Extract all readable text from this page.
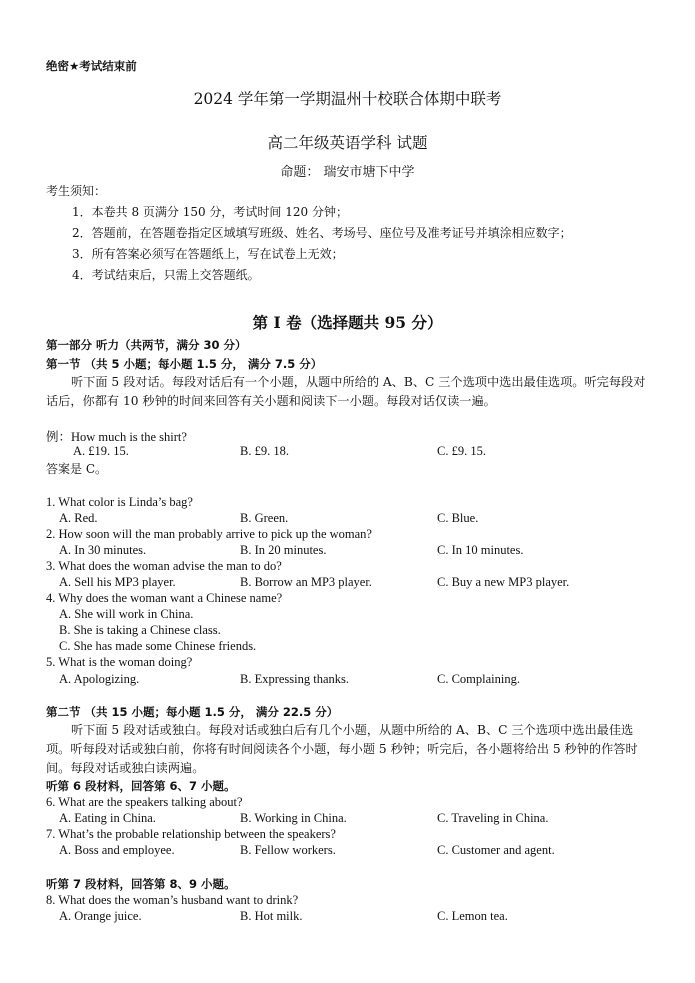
绝密★考试结束前
2024 学年第一学期温州十校联合体期中联考
高二年级英语学科 试题
命题： 瑞安市塘下中学
考生须知：
1．本卷共 8 页满分 150 分，考试时间 120 分钟；
2．答题前，在答题卷指定区域填写班级、姓名、考场号、座位号及准考证号并填涂相应数字；
3．所有答案必须写在答题纸上，写在试卷上无效；
4．考试结束后，只需上交答题纸。
第 I 卷（选择题共 95 分）
第一部分 听力（共两节，满分 30 分）
第一节 （共 5 小题；每小题 1.5 分， 满分 7.5 分）
听下面 5 段对话。每段对话后有一个小题，从题中所给的 A、B、C 三个选项中选出最佳选项。听完每段对话后，你都有 10 秒钟的时间来回答有关小题和阅读下一小题。每段对话仅读一遍。
例：How much is the shirt?
A. £19. 15.	B. £9. 18.	C. £9. 15.
答案是 C。
1. What color is Linda’s bag?
A. Red.	B. Green.	C. Blue.
2. How soon will the man probably arrive to pick up the woman?
A. In 30 minutes.	B. In 20 minutes.	C. In 10 minutes.
3. What does the woman advise the man to do?
A. Sell his MP3 player.	B. Borrow an MP3 player.	C. Buy a new MP3 player.
4. Why does the woman want a Chinese name?
A. She will work in China.
B. She is taking a Chinese class.
C. She has made some Chinese friends.
5. What is the woman doing?
A. Apologizing.	B. Expressing thanks.	C. Complaining.
第二节 （共 15 小题；每小题 1.5 分， 满分 22.5 分）
听下面 5 段对话或独白。每段对话或独白后有几个小题，从题中所给的 A、B、C 三个选项中选出最佳选项。听每段对话或独白前，你将有时间阅读各个小题，每小题 5 秒钟；听完后，各小题将给出 5 秒钟的作答时间。每段对话或独白读两遍。
听第 6 段材料，回答第 6、7 小题。
6. What are the speakers talking about?
A. Eating in China.	B. Working in China.	C. Traveling in China.
7. What’s the probable relationship between the speakers?
A. Boss and employee.	B. Fellow workers.	C. Customer and agent.
听第 7 段材料，回答第 8、9 小题。
8. What does the woman’s husband want to drink?
A. Orange juice.	B. Hot milk.	C. Lemon tea.
